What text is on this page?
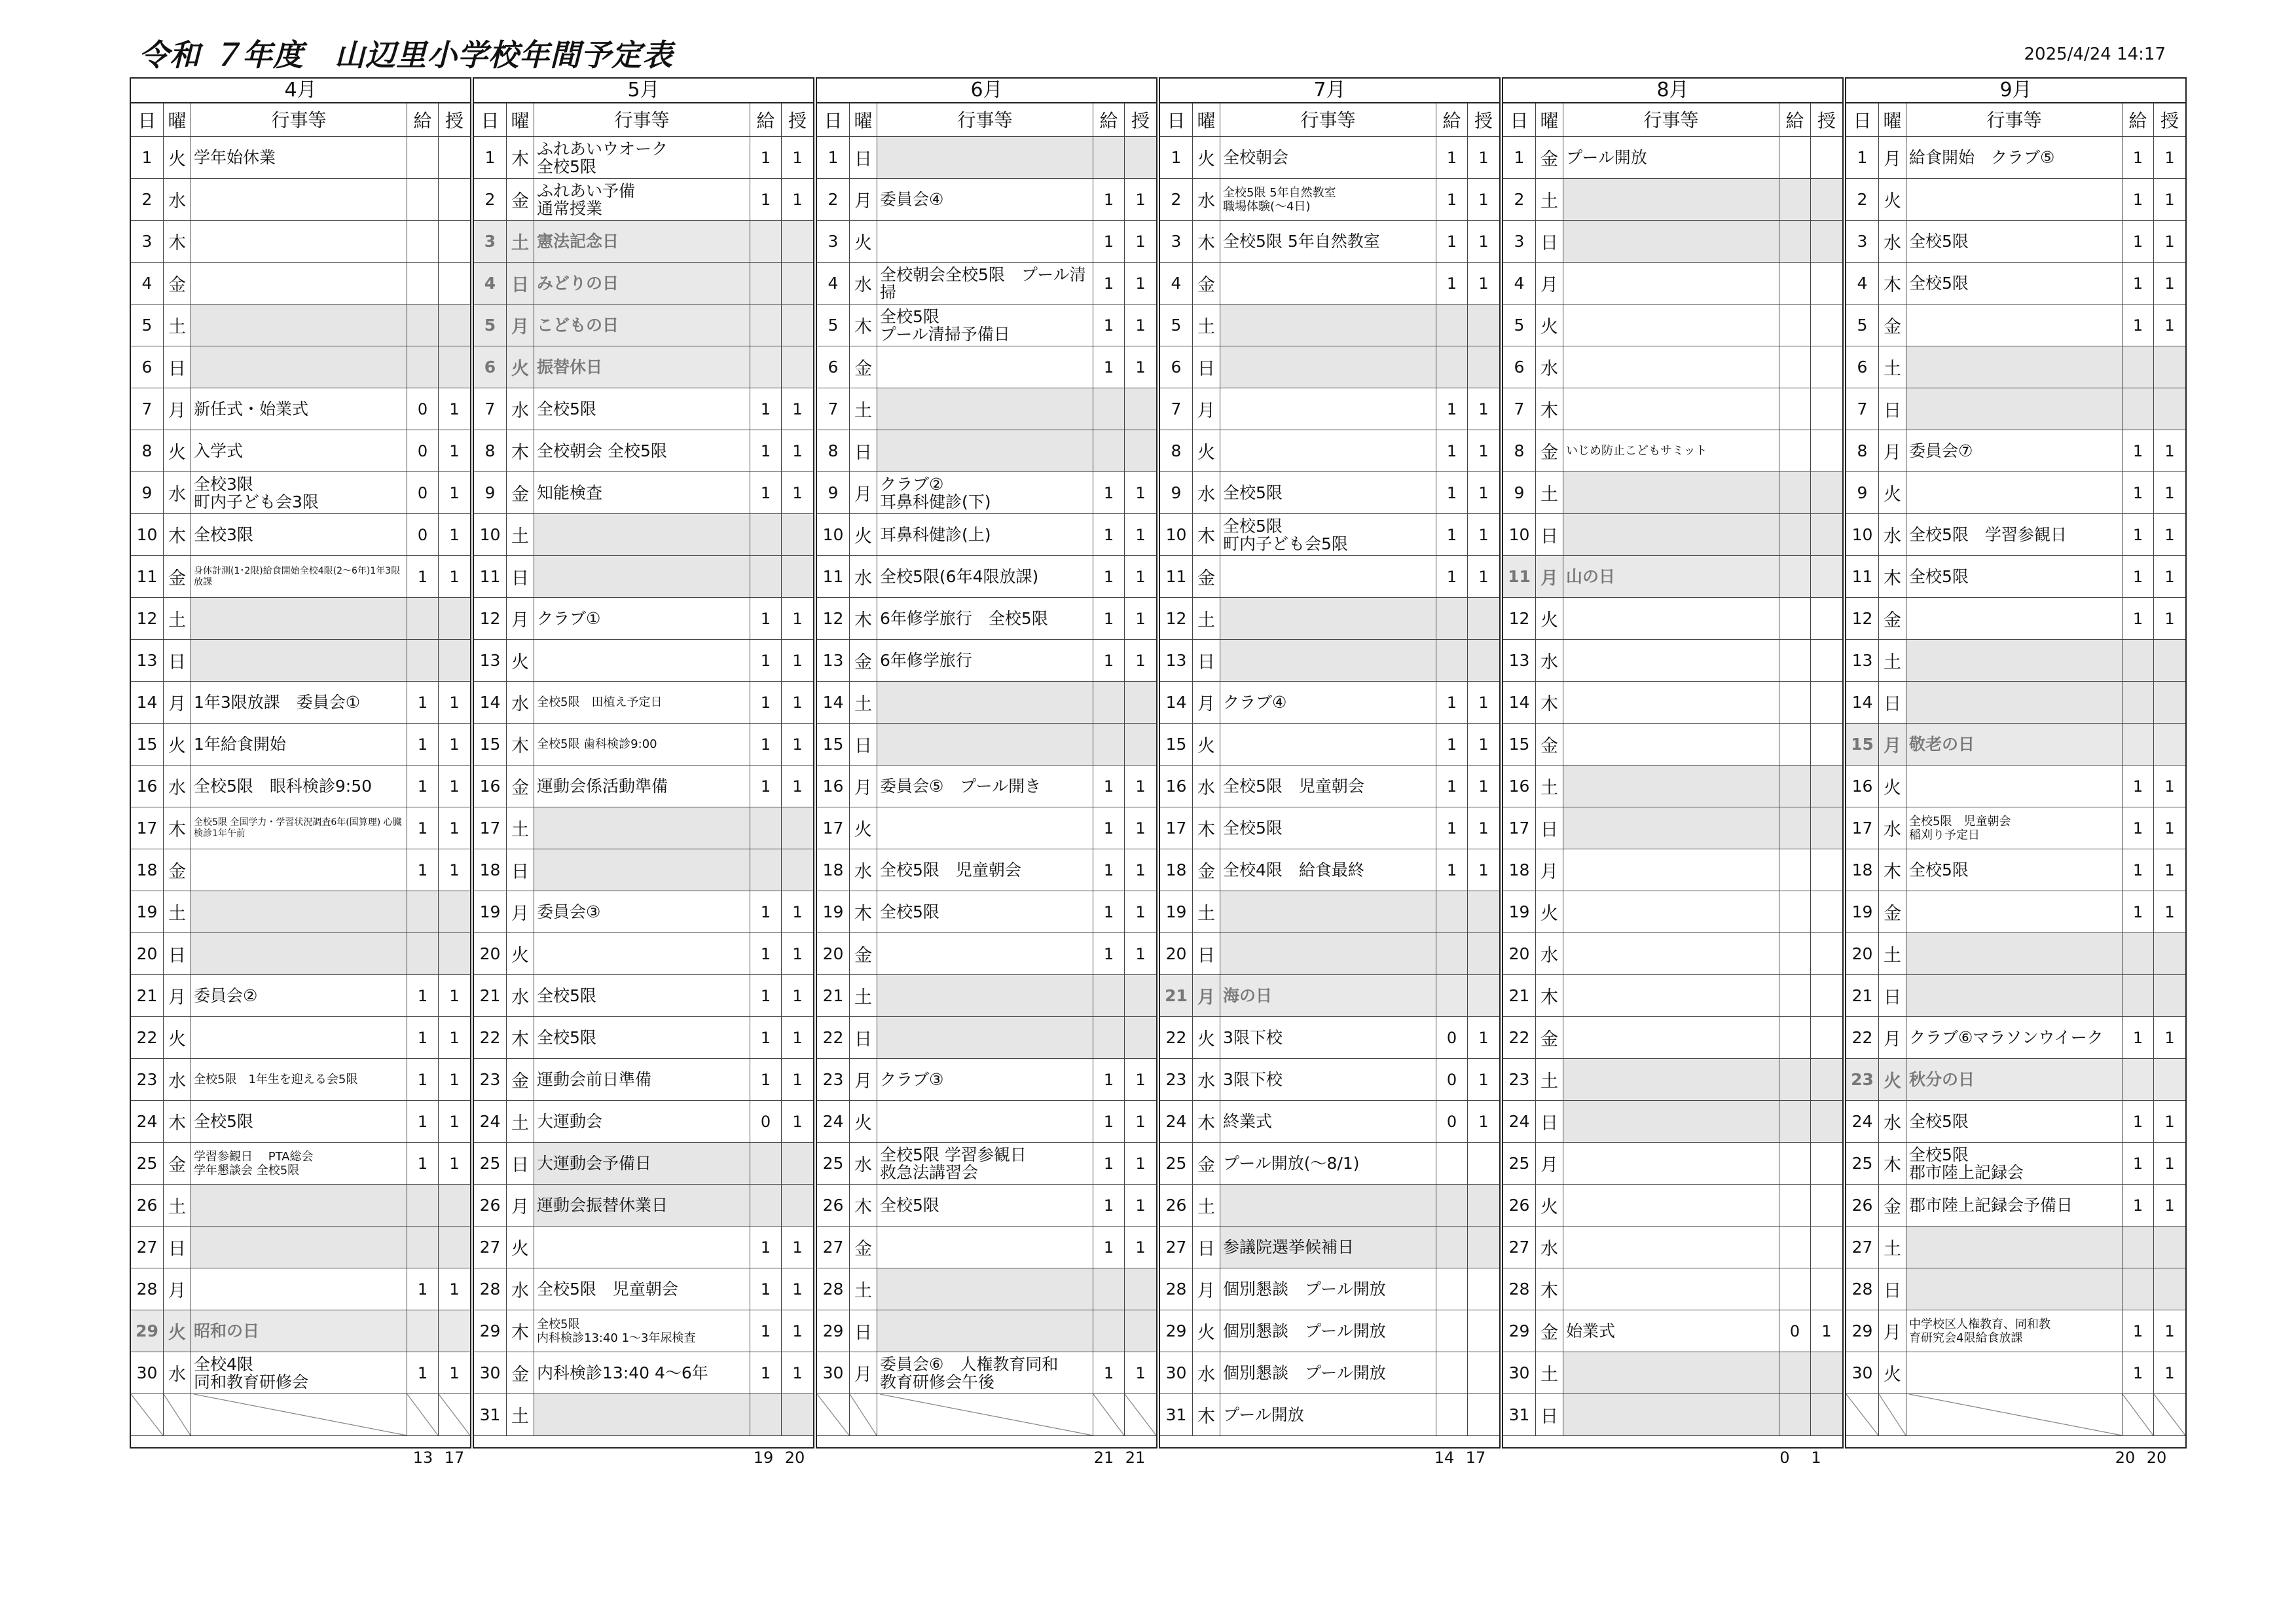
令和 ７年度　山辺里小学校年間予定表	2025/4/24 14:17
4月
日 曜	行事等	給 授
1 火 学年始休業
2 水
3 木
4 金
5 土
6 日
7 月 新任式・始業式	0 1
8 火 入学式	0 1
9 水
全校3限
町内子ども会3限	0 1
10 木 全校3限	0 1
11 金 身体計測(1･2限)給食開始全校4限(2～6年)1年3限放課	1 1
12 土
13 日
14 月 1年3限放課　委員会①	1 1
15 火 1年給食開始	1 1
16 水 全校5限　眼科検診9:50	1 1
17 木 全校5限 全国学力・学習状況調査6年(国算理) 心臓検診1年午前	1 1
18 金	1 1
19 土
20 日
21 月 委員会②	1 1
22 火	1 1
23 水 全校5限　1年生を迎える会5限	1 1
24 木 全校5限	1 1
25 金 学習参観日　 PTA総会
学年懇談会 全校5限	1 1
26 土
27 日
28 月	1 1
29 火 昭和の日
30 水
全校4限
同和教育研修会	1 1
5月
日 曜	行事等	給 授
1 木
ふれあいウオーク
全校5限	1 1
2 金
ふれあい予備
通常授業	1 1
3 土 憲法記念日
4 日 みどりの日
5 月 こどもの日
6 火 振替休日
7 水 全校5限	1 1
8 木 全校朝会 全校5限	1 1
9 金 知能検査	1 1
10 土
11 日
12 月 クラブ①	1 1
13 火	1 1
14 水 全校5限　田植え予定日	1 1
15 木 全校5限 歯科検診9:00	1 1
16 金 運動会係活動準備	1 1
17 土
18 日
19 月 委員会③	1 1
20 火	1 1
21 水 全校5限	1 1
22 木 全校5限	1 1
23 金 運動会前日準備	1 1
24 土 大運動会	0 1
25 日 大運動会予備日
26 月 運動会振替休業日
27 火	1 1
28 水 全校5限　児童朝会	1 1
29 木 全校5限
内科検診13:40 1～3年尿検査	1 1
30 金 内科検診13:40 4～6年	1 1
31 土
6月
日 曜	行事等	給 授
1 日
2 月 委員会④	1 1
3 火	1 1
4 水
全校朝会全校5限　プール清掃	1 1
5 木
全校5限
プール清掃予備日	1 1
6 金	1 1
7 土
8 日
9 月
クラブ②
耳鼻科健診(下)	1 1
10 火 耳鼻科健診(上)	1 1
11 水 全校5限(6年4限放課)	1 1
12 木 6年修学旅行　全校5限	1 1
13 金 6年修学旅行	1 1
14 土
15 日
16 月 委員会⑤　プール開き	1 1
17 火	1 1
18 水 全校5限　児童朝会	1 1
19 木 全校5限	1 1
20 金	1 1
21 土
22 日
23 月 クラブ③	1 1
24 火	1 1
25 水
全校5限 学習参観日
救急法講習会	1 1
26 木 全校5限	1 1
27 金	1 1
28 土
29 日
30 月
委員会⑥　人権教育同和
教育研修会午後	1 1
7月
日 曜	行事等	給 授
1 火 全校朝会	1 1
2 水 全校5限 5年自然教室
職場体験(～4日)	1 1
3 木 全校5限 5年自然教室	1 1
4 金	1 1
5 土
6 日
7 月	1 1
8 火	1 1
9 水 全校5限	1 1
10 木
全校5限
町内子ども会5限	1 1
11 金	1 1
12 土
13 日
14 月 クラブ④	1 1
15 火	1 1
16 水 全校5限　児童朝会	1 1
17 木 全校5限	1 1
18 金 全校4限　給食最終	1 1
19 土
20 日
21 月 海の日
22 火 3限下校	0 1
23 水 3限下校	0 1
24 木 終業式	0 1
25 金 プール開放(～8/1)
26 土
27 日 参議院選挙候補日
28 月 個別懇談　プール開放
29 火 個別懇談　プール開放
30 水 個別懇談　プール開放
31 木 プール開放
8月
日 曜	行事等	給 授
1 金 プール開放
2 土
3 日
4 月
5 火
6 水
7 木
8 金 いじめ防止こどもサミット
9 土
10 日
11 月 山の日
12 火
13 水
14 木
15 金
16 土
17 日
18 月
19 火
20 水
21 木
22 金
23 土
24 日
25 月
26 火
27 水
28 木
29 金 始業式	0 1
30 土
31 日
9月
日 曜	行事等	給 授
1 月 給食開始　クラブ⑤	1 1
2 火	1 1
3 水 全校5限	1 1
4 木 全校5限	1 1
5 金	1 1
6 土
7 日
8 月 委員会⑦	1 1
9 火	1 1
10 水 全校5限　学習参観日	1 1
11 木 全校5限	1 1
12 金	1 1
13 土
14 日
15 月 敬老の日
16 火	1 1
17 水 全校5限　児童朝会
稲刈り予定日	1 1
18 木 全校5限	1 1
19 金	1 1
20 土
21 日
22 月 クラブ⑥マラソンウイーク 1 1
23 火 秋分の日
24 水 全校5限	1 1
25 木
全校5限
郡市陸上記録会	1 1
26 金 郡市陸上記録会予備日	1 1
27 土
28 日
29 月 中学校区人権教育、同和教
育研究会4限給食放課	1 1
30 火	1 1
13 17	19 20	21 21	14 17	0	1	20 20
